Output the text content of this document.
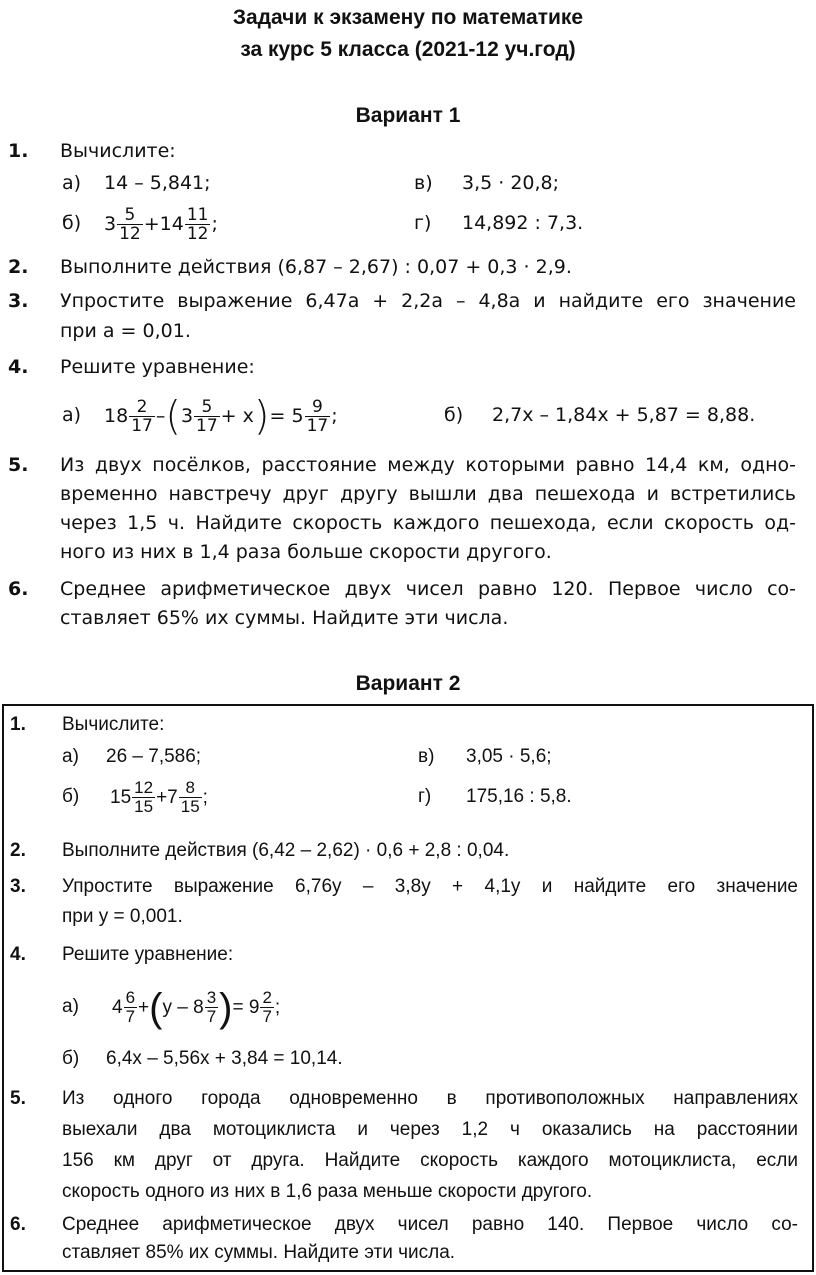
Задачи к экзамену по математике
за курс 5 класса (2021-12 уч.год)
Вариант 1
1. Вычислите:
а) 14 – 5,841;	в) 3,5 · 20,8;
б) $3 \frac{5}{12} +14 \frac{11}{12}$ ;	г) 14,892 : 7,3.
2. Выполните действия (6,87 – 2,67) : 0,07 + 0,3 · 2,9.
3. Упростите выражение 6,47a + 2,2a – 4,8a и найдите его значение
при a = 0,01.
4. Решите уравнение:
а) $18 \frac{2}{17} -(3 \frac{5}{17} + x)= 5 \frac{9}{17}$ ;	б) 2,7x – 1,84x + 5,87 = 8,88.
5. Из двух посёлков, расстояние между которыми равно 14,4 км, одно-
временно навстречу друг другу вышли два пешехода и встретились
через 1,5 ч. Найдите скорость каждого пешехода, если скорость од-
ного из них в 1,4 раза больше скорости другого.
6. Среднее арифметическое двух чисел равно 120. Первое число со-
ставляет 65% их суммы. Найдите эти числа.
Вариант 2
1. Вычислите:
а) 26 – 7,586;	в) 3,05 · 5,6;
б) $15 \frac{12}{15} +7 \frac{8}{15}$ ;	г) 175,16 : 5,8.
2. Выполните действия (6,42 – 2,62) · 0,6 + 2,8 : 0,04.
3. Упростите выражение 6,76y – 3,8y + 4,1y и найдите его значение
при y = 0,001.
4. Решите уравнение:
а) $4 \frac{6}{7} +(y - 8 \frac{3}{7}$ )= $9 \frac{2}{7}$ ;
б) 6,4x – 5,56x + 3,84 = 10,14.
5. Из одного города одновременно в противоположных направлениях
выехали два мотоциклиста и через 1,2 ч оказались на расстоянии
156 км друг от друга. Найдите скорость каждого мотоциклиста, если
скорость одного из них в 1,6 раза меньше скорости другого.
6. Среднее арифметическое двух чисел равно 140. Первое число со-
ставляет 85% их суммы. Найдите эти числа.
